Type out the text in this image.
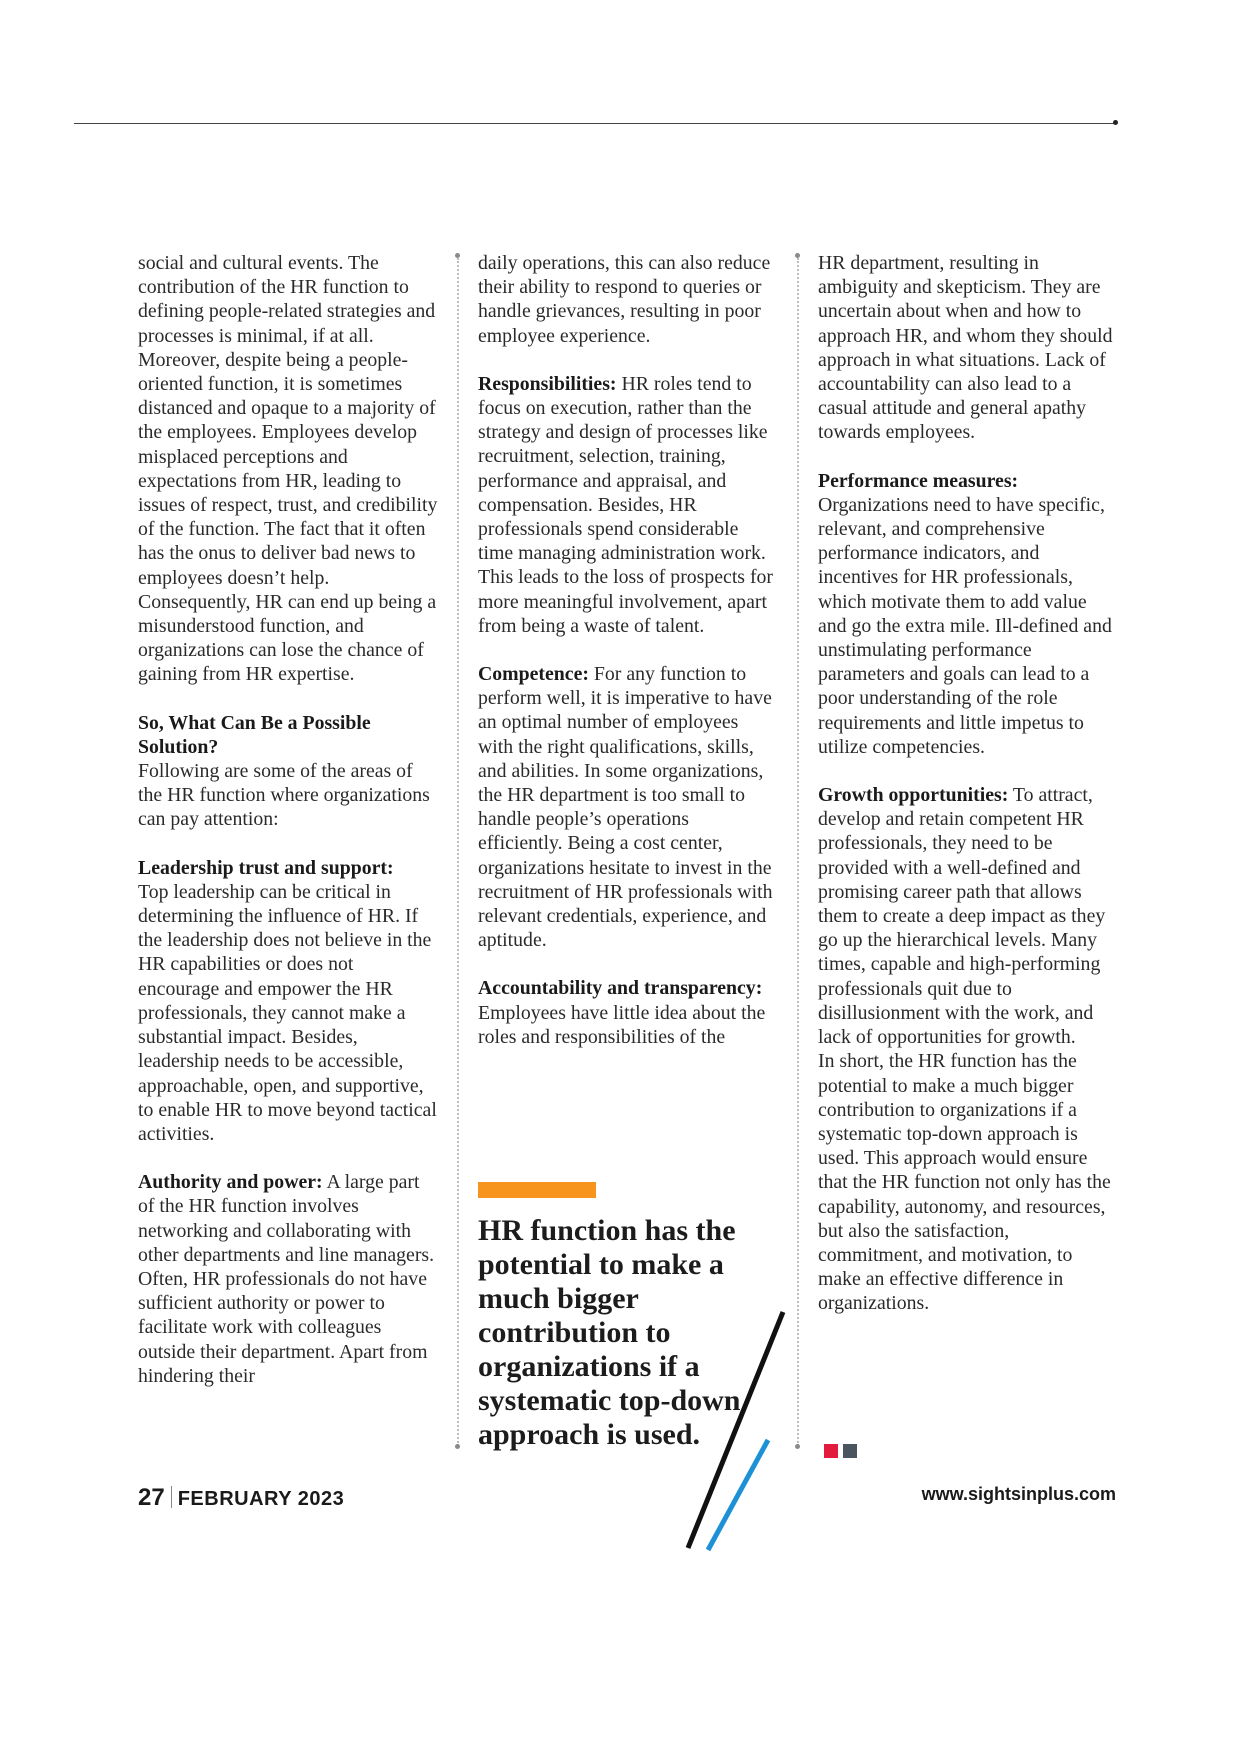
social and cultural events. The contribution of the HR function to defining people-related strategies and processes is minimal, if at all. Moreover, despite being a people-oriented function, it is sometimes distanced and opaque to a majority of the employees. Employees develop misplaced perceptions and expectations from HR, leading to issues of respect, trust, and credibility of the function. The fact that it often has the onus to deliver bad news to employees doesn’t help. Consequently, HR can end up being a misunderstood function, and organizations can lose the chance of gaining from HR expertise.

So, What Can Be a Possible Solution?

Following are some of the areas of the HR function where organizations can pay attention:

Leadership trust and support:

Top leadership can be critical in determining the influence of HR. If the leadership does not believe in the HR capabilities or does not encourage and empower the HR professionals, they cannot make a substantial impact. Besides, leadership needs to be accessible, approachable, open, and supportive, to enable HR to move beyond tactical activities.

Authority and power: A large part of the HR function involves networking and collaborating with other departments and line managers. Often, HR professionals do not have sufficient authority or power to facilitate work with colleagues outside their department. Apart from hindering their

daily operations, this can also reduce their ability to respond to queries or handle grievances, resulting in poor employee experience.

Responsibilities: HR roles tend to focus on execution, rather than the strategy and design of processes like recruitment, selection, training, performance and appraisal, and compensation. Besides, HR professionals spend considerable time managing administration work. This leads to the loss of prospects for more meaningful involvement, apart from being a waste of talent.

Competence: For any function to perform well, it is imperative to have an optimal number of employees with the right qualifications, skills, and abilities. In some organizations, the HR department is too small to handle people’s operations efficiently. Being a cost center, organizations hesitate to invest in the recruitment of HR professionals with relevant credentials, experience, and aptitude.

Accountability and transparency: Employees have little idea about the roles and responsibilities of the

HR function has the potential to make a much bigger contribution to organizations if a systematic top-down approach is used.

HR department, resulting in ambiguity and skepticism. They are uncertain about when and how to approach HR, and whom they should approach in what situations. Lack of accountability can also lead to a casual attitude and general apathy towards employees.

Performance measures:

Organizations need to have specific, relevant, and comprehensive performance indicators, and incentives for HR professionals, which motivate them to add value and go the extra mile. Ill-defined and unstimulating performance parameters and goals can lead to a poor understanding of the role requirements and little impetus to utilize competencies.

Growth opportunities: To attract, develop and retain competent HR professionals, they need to be provided with a well-defined and promising career path that allows them to create a deep impact as they go up the hierarchical levels. Many times, capable and high-performing professionals quit due to disillusionment with the work, and lack of opportunities for growth.

In short, the HR function has the potential to make a much bigger contribution to organizations if a systematic top-down approach is used. This approach would ensure that the HR function not only has the capability, autonomy, and resources, but also the satisfaction, commitment, and motivation, to make an effective difference in organizations.

27 FEBRUARY 2023	www.sightsinplus.com
